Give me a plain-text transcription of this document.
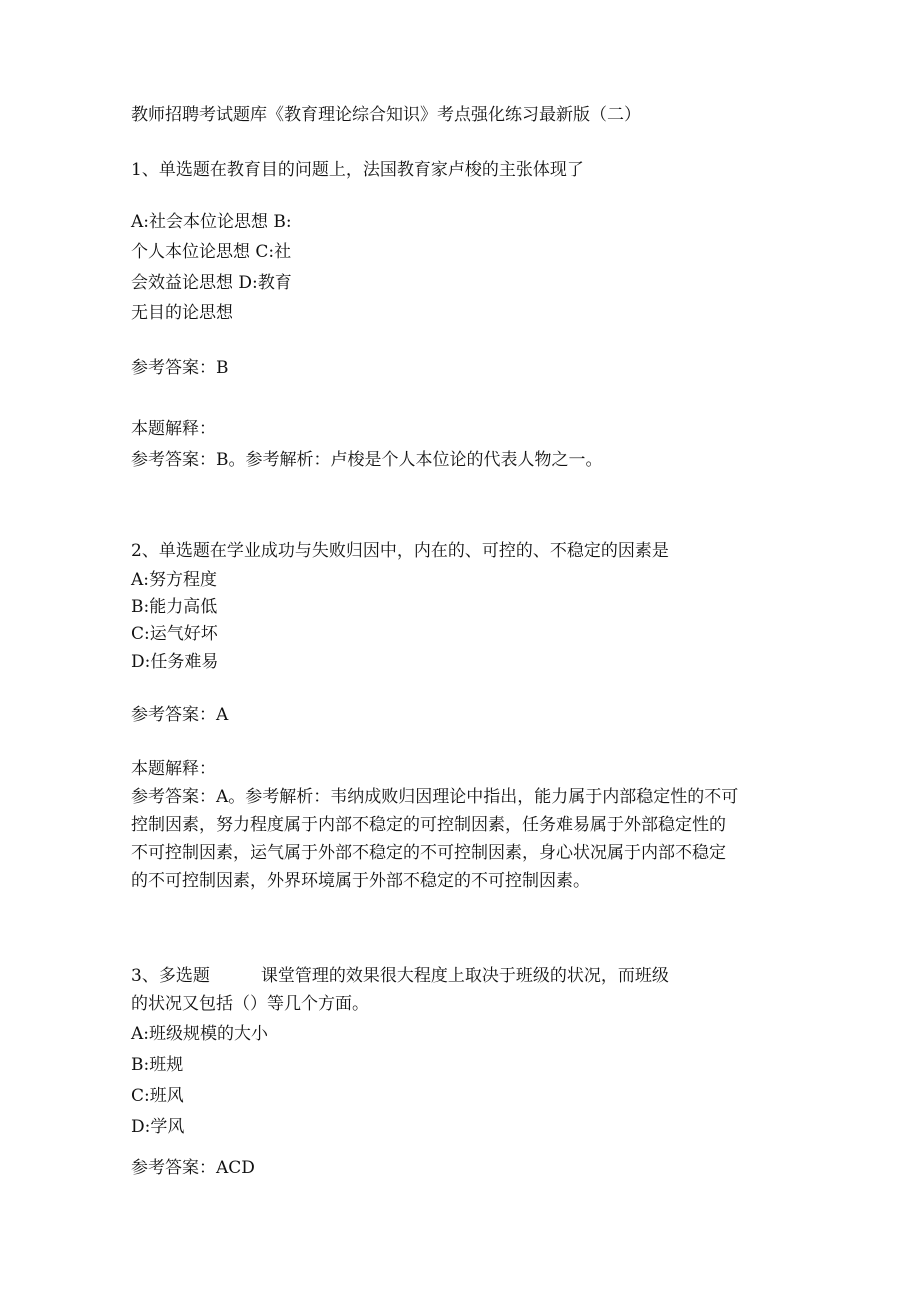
教师招聘考试题库《教育理论综合知识》考点强化练习最新版（二）
1、单选题在教育目的问题上，法国教育家卢梭的主张体现了
A:社会本位论思想 B:
个人本位论思想 C:社
会效益论思想 D:教育
无目的论思想
参考答案：B
本题解释：
参考答案：B。参考解析：卢梭是个人本位论的代表人物之一。
2、单选题在学业成功与失败归因中，内在的、可控的、不稳定的因素是
A:努方程度
B:能力高低
C:运气好坏
D:任务难易
参考答案：A
本题解释：
参考答案：A。参考解析：韦纳成败归因理论中指出，能力属于内部稳定性的不可
控制因素，努力程度属于内部不稳定的可控制因素，任务难易属于外部稳定性的
不可控制因素，运气属于外部不稳定的不可控制因素，身心状况属于内部不稳定
的不可控制因素，外界环境属于外部不稳定的不可控制因素。
3、多选题　　　课堂管理的效果很大程度上取决于班级的状况，而班级
的状况又包括（）等几个方面。
A:班级规模的大小
B:班规
C:班风
D:学风
参考答案：ACD
